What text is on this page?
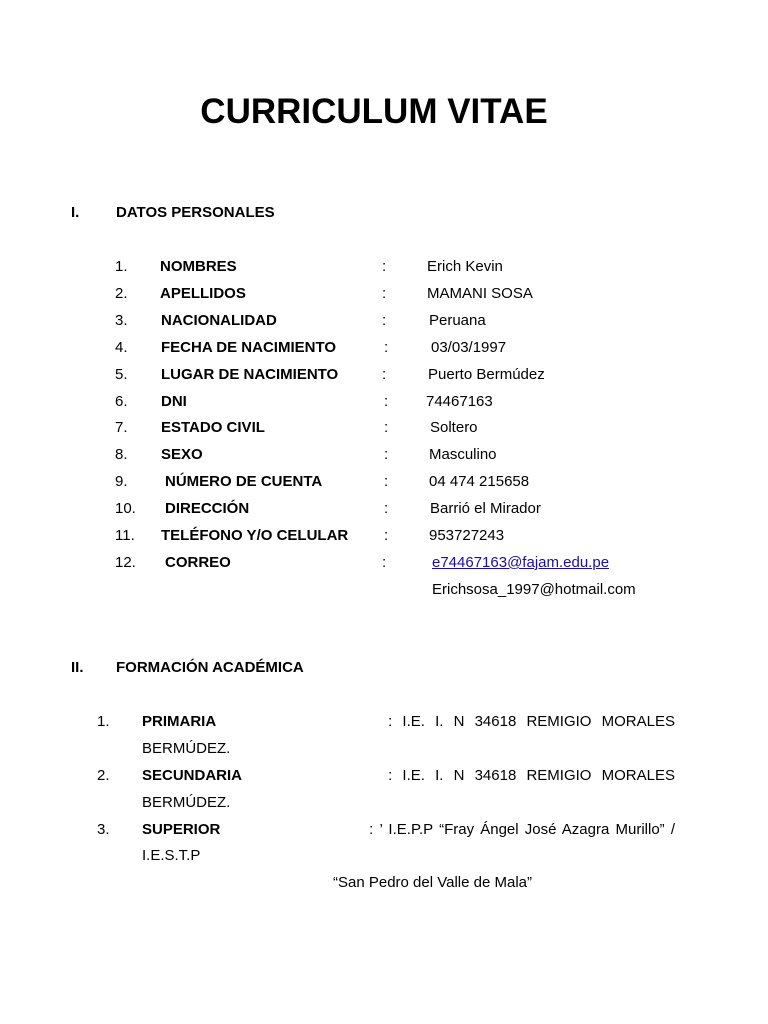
CURRICULUM VITAE
I. DATOS PERSONALES
1. NOMBRES	:	Erich Kevin
2. APELLIDOS	:	MAMANI SOSA
3. NACIONALIDAD	:	Peruana
4. FECHA DE NACIMIENTO	:	03/03/1997
5. LUGAR DE NACIMIENTO	:	Puerto Bermúdez
6. DNI	:	74467163
7. ESTADO CIVIL	:	Soltero
8. SEXO	:	Masculino
9. NÚMERO DE CUENTA	:	04 474 215658
10. DIRECCIÓN	:	Barrió el Mirador
11. TELÉFONO Y/O CELULAR :	953727243
12. CORREO	:	e74467163@fajam.edu.pe
Erichsosa_1997@hotmail.com
II. FORMACIÓN ACADÉMICA
1. PRIMARIA	: I.E. I. N 34618 REMIGIO MORALES
BERMÚDEZ.
2. SECUNDARIA	: I.E. I. N 34618 REMIGIO MORALES
BERMÚDEZ.
3. SUPERIOR	: ’ I.E.P.P “Fray Ángel José Azagra Murillo” /
I.E.S.T.P
“San Pedro del Valle de Mala”
